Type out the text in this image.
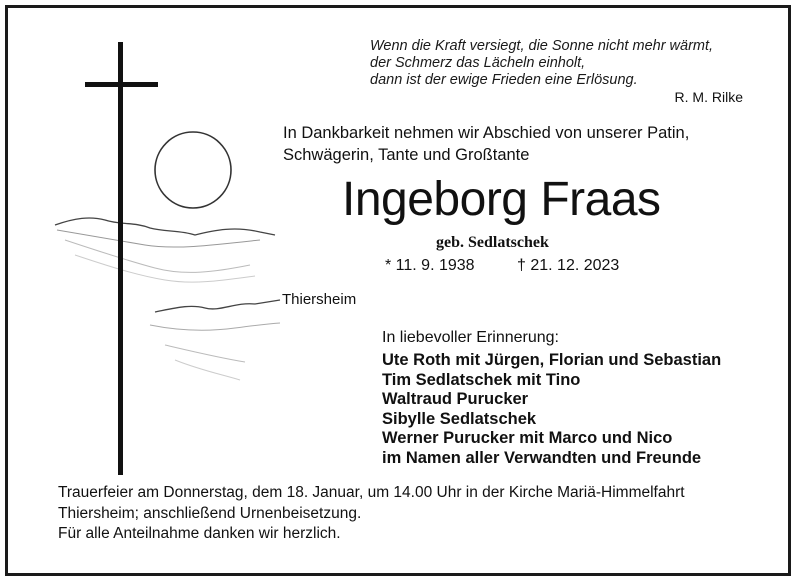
Wenn die Kraft versiegt, die Sonne nicht mehr wärmt,
der Schmerz das Lächeln einholt,
dann ist der ewige Frieden eine Erlösung.
R. M. Rilke
In Dankbarkeit nehmen wir Abschied von unserer Patin, Schwägerin, Tante und Großtante
Ingeborg Fraas
geb. Sedlatschek
* 11. 9. 1938	† 21. 12. 2023
Thiersheim
In liebevoller Erinnerung:
Ute Roth mit Jürgen, Florian und Sebastian
Tim Sedlatschek mit Tino
Waltraud Purucker
Sibylle Sedlatschek
Werner Purucker mit Marco und Nico
im Namen aller Verwandten und Freunde
Trauerfeier am Donnerstag, dem 18. Januar, um 14.00 Uhr in der Kirche Mariä-Himmelfahrt Thiersheim; anschließend Urnenbeisetzung.
Für alle Anteilnahme danken wir herzlich.
